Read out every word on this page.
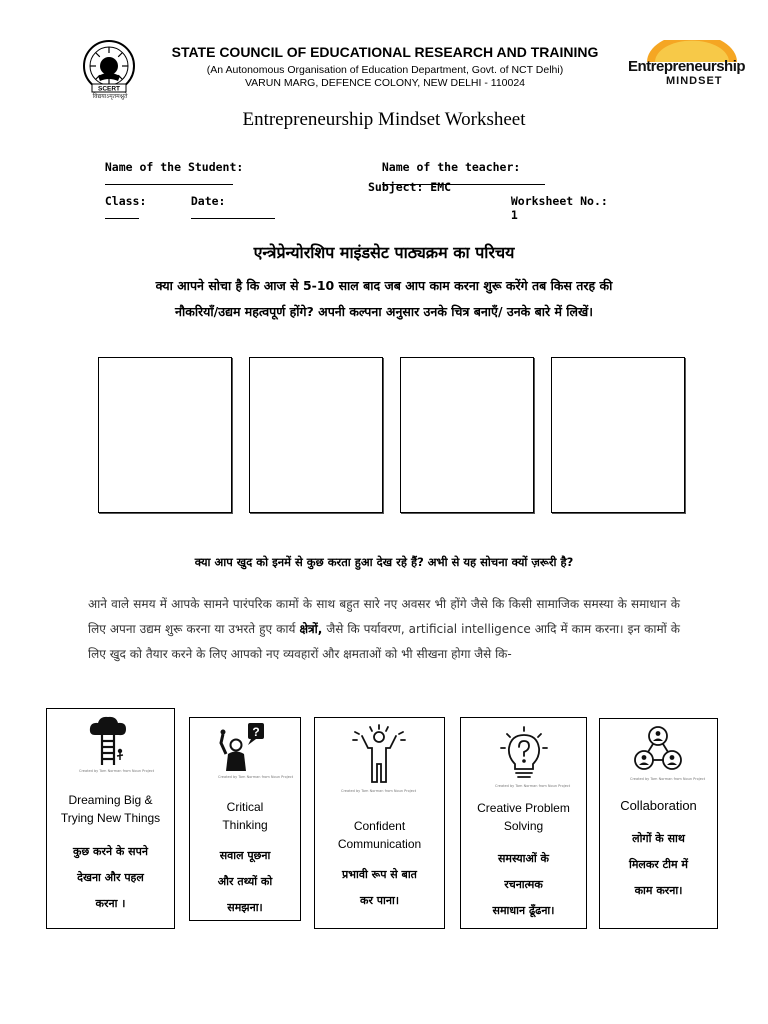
SCERT
विद्ययाऽमृतमश्नुते
STATE COUNCIL OF EDUCATIONAL RESEARCH AND TRAINING
(An Autonomous Organisation of Education Department, Govt. of NCT Delhi)
VARUN MARG, DEFENCE COLONY, NEW DELHI - 110024
Entrepreneurship
MINDSET
Entrepreneurship Mindset Worksheet

Name of the Student:
	Name of the teacher:

Class:
	Date:

Subject: EMC

Worksheet No.:
1

एन्त्रेप्रेन्योरशिप माइंडसेट पाठ्यक्रम का परिचय
क्या आपने सोचा है कि आज से 5-10 साल बाद जब आप काम करना शुरू करेंगे तब किस तरह की
नौकरियाँ/उद्यम महत्वपूर्ण होंगे? अपनी कल्पना अनुसार उनके चित्र बनाएँ/ उनके बारे में लिखें।
क्या आप खुद को इनमें से कुछ करता हुआ देख रहे हैं? अभी से यह सोचना क्यों ज़रूरी है?
आने वाले समय में आपके सामने पारंपरिक कामों के साथ बहुत सारे नए अवसर भी होंगे जैसे कि किसी सामाजिक समस्या के समाधान के लिए अपना उद्यम शुरू करना या उभरते हुए कार्य क्षेत्रों, जैसे कि पर्यावरण, artificial intelligence आदि में काम करना। इन कामों के लिए खुद को तैयार करने के लिए आपको नए व्यवहारों और क्षमताओं को भी सीखना होगा जैसे कि-
Created by Tom Norman from Noun Project
Dreaming Big &
Trying New Things
कुछ करने के सपने
देखना और पहल
करना ।
?
Created by Tom Norman from Noun Project
Critical
Thinking
सवाल पूछना
और तथ्यों को
समझना।
Created by Tom Norman from Noun Project
Confident
Communication
प्रभावी रूप से बात
कर पाना।
Created by Tom Norman from Noun Project
Creative Problem
Solving
समस्याओं के
रचनात्मक
समाधान ढूँढना।
Created by Tom Norman from Noun Project
Collaboration
लोगों के साथ
मिलकर टीम में
काम करना।
